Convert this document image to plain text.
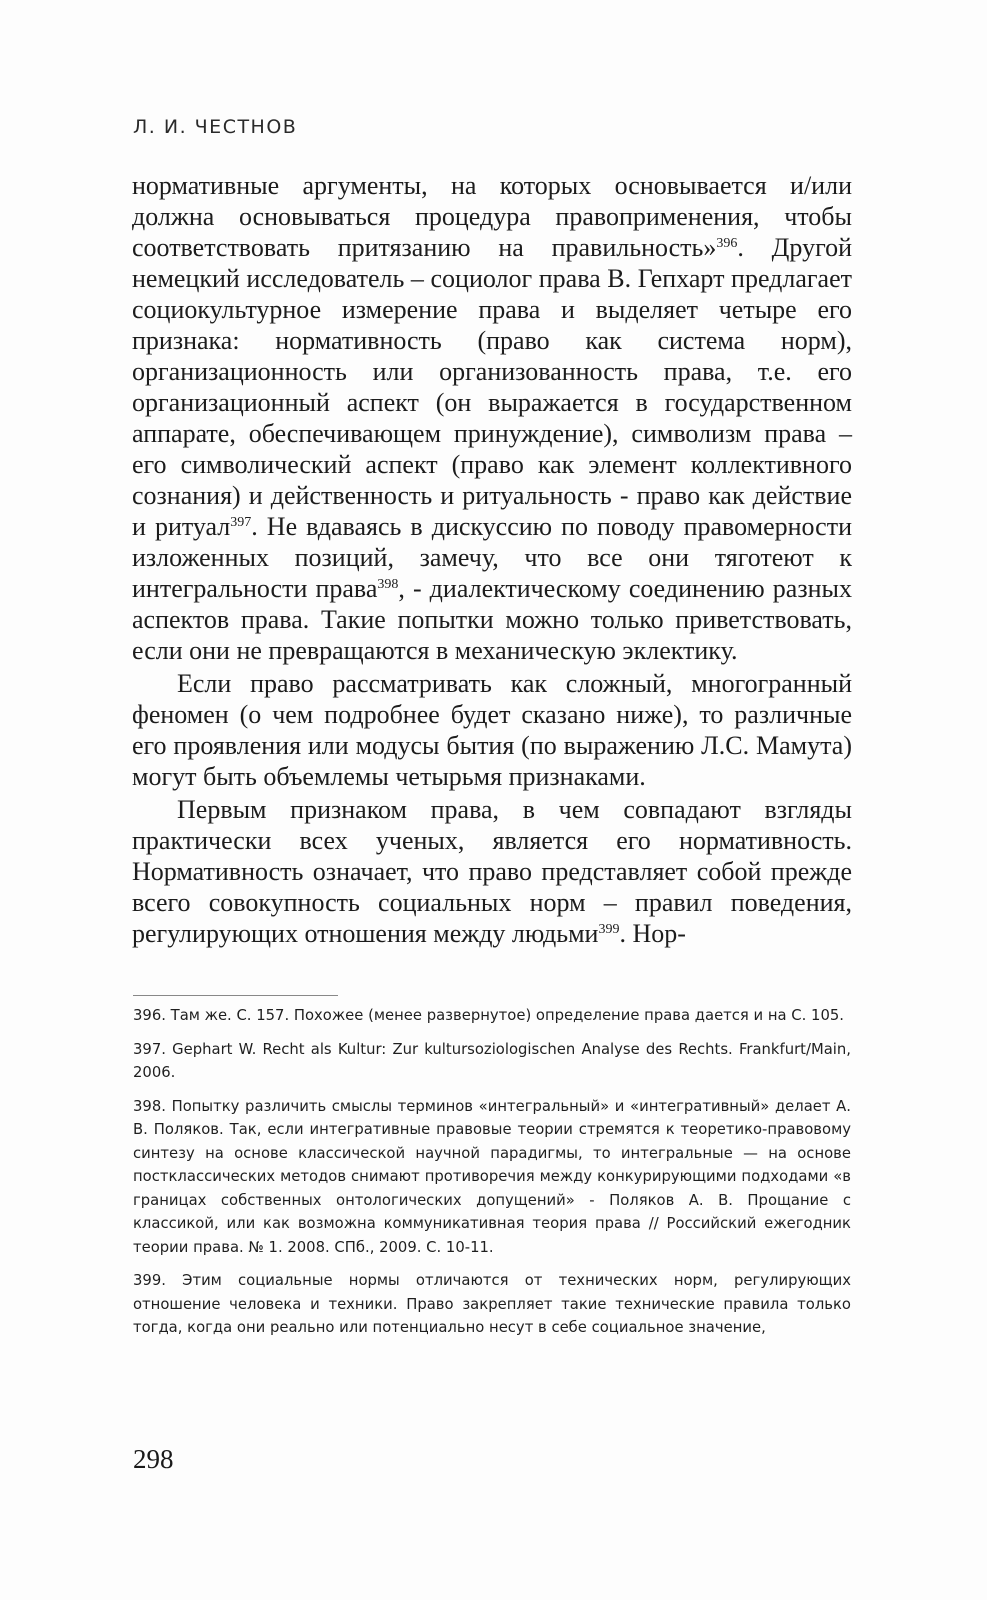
Л. И. ЧЕСТНОВ

нормативные аргументы, на которых основывается и/или должна основываться процедура правоприменения, чтобы соответствовать притязанию на правильность»$^{396}$. Другой немецкий исследователь – социолог права В. Гепхарт предлагает социокультурное измерение права и выделяет четыре его признака: нормативность (право как система норм), организационность или организованность права, т.е. его организационный аспект (он выражается в государственном аппарате, обеспечивающем принуждение), символизм права – его символический аспект (право как элемент коллективного сознания) и действенность и ритуальность - право как действие и ритуал$^{397}$. Не вдаваясь в дискуссию по поводу правомерности изложенных позиций, замечу, что все они тяготеют к интегральности права$^{398}$, - диалектическому соединению разных аспектов права. Такие попытки можно только приветствовать, если они не превращаются в механическую эклектику.

Если право рассматривать как сложный, многогранный феномен (о чем подробнее будет сказано ниже), то различные его проявления или модусы бытия (по выражению Л.С. Мамута) могут быть объемлемы четырьмя признаками.

Первым признаком права, в чем совпадают взгляды практически всех ученых, является его нормативность. Нормативность означает, что право представляет собой прежде всего совокупность социальных норм – правил поведения, регулирующих отношения между людьми$^{399}$. Нор-

396. Там же. С. 157. Похожее (менее развернутое) определение права дается и на С. 105.

397. Gephart W. Recht als Kultur: Zur kultursoziologischen Analyse des Rechts. Frankfurt/Main, 2006.

398. Попытку различить смыслы терминов «интегральный» и «интегративный» делает А. В. Поляков. Так, если интегративные правовые теории стремятся к теоретико-правовому синтезу на основе классической научной парадигмы, то интегральные — на основе постклассических методов снимают противоречия между конкурирующими подходами «в границах собственных онтологических допущений» - Поляков А. В. Прощание с классикой, или как возможна коммуникативная теория права // Российский ежегодник теории права. № 1. 2008. СПб., 2009. С. 10-11.

399. Этим социальные нормы отличаются от технических норм, регулирующих отношение человека и техники. Право закрепляет такие технические правила только тогда, когда они реально или потенциально несут в себе социальное значение,

298
